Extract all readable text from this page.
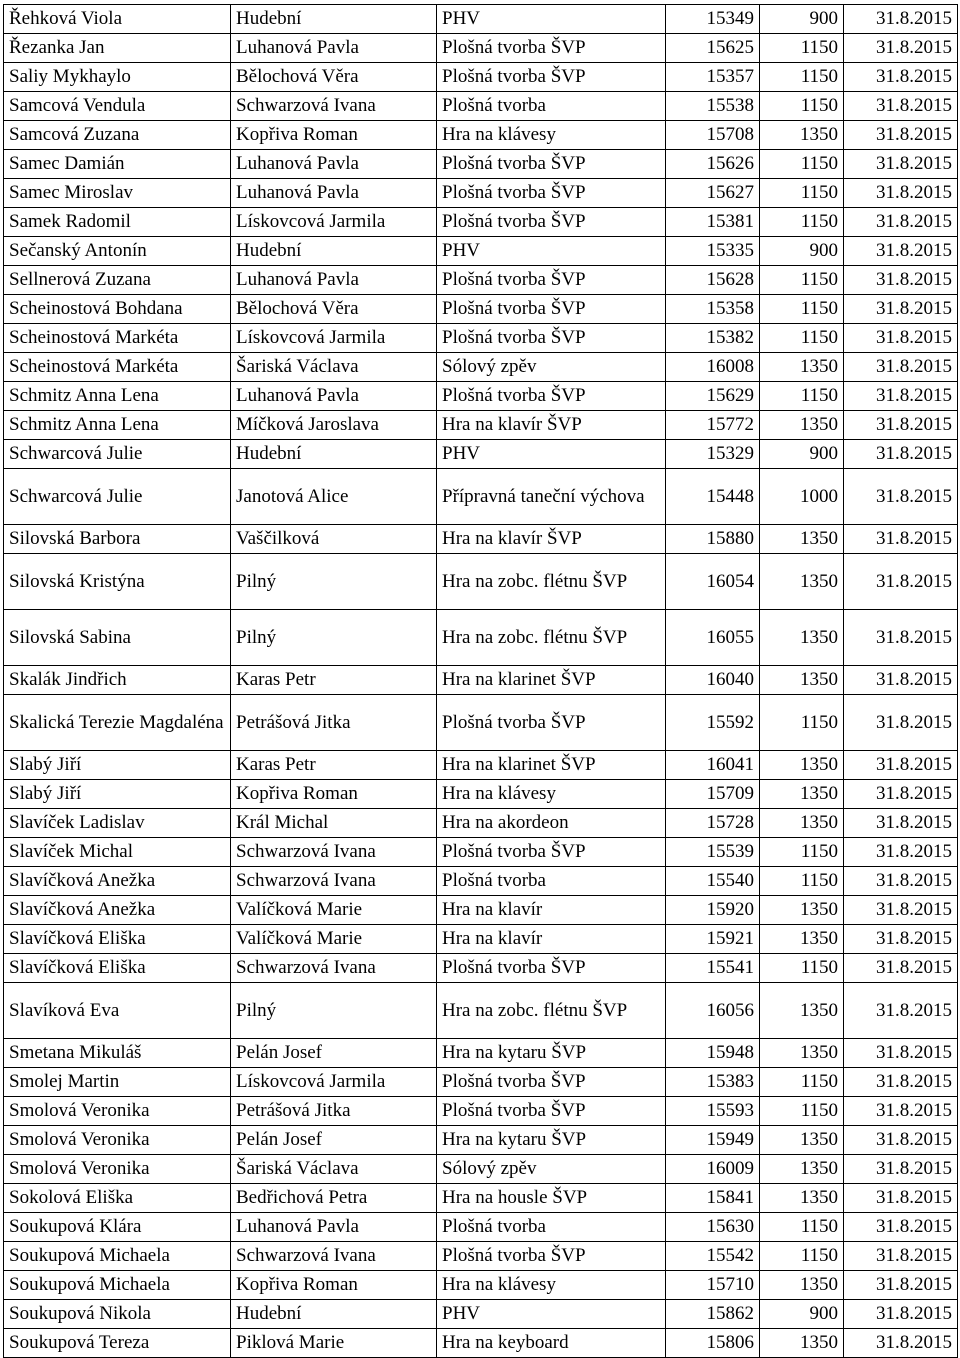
Řehková Viola	Hudební	PHV	15349	900	31.8.2015
Řezanka Jan	Luhanová Pavla	Plošná tvorba ŠVP	15625	1150	31.8.2015
Saliy Mykhaylo	Bělochová Věra	Plošná tvorba ŠVP	15357	1150	31.8.2015
Samcová Vendula	Schwarzová Ivana	Plošná tvorba	15538	1150	31.8.2015
Samcová Zuzana	Kopřiva Roman	Hra na klávesy	15708	1350	31.8.2015
Samec Damián	Luhanová Pavla	Plošná tvorba ŠVP	15626	1150	31.8.2015
Samec Miroslav	Luhanová Pavla	Plošná tvorba ŠVP	15627	1150	31.8.2015
Samek Radomil	Lískovcová Jarmila	Plošná tvorba ŠVP	15381	1150	31.8.2015
Sečanský Antonín	Hudební	PHV	15335	900	31.8.2015
Sellnerová Zuzana	Luhanová Pavla	Plošná tvorba ŠVP	15628	1150	31.8.2015
Scheinostová Bohdana	Bělochová Věra	Plošná tvorba ŠVP	15358	1150	31.8.2015
Scheinostová Markéta	Lískovcová Jarmila	Plošná tvorba ŠVP	15382	1150	31.8.2015
Scheinostová Markéta	Šariská Václava	Sólový zpěv	16008	1350	31.8.2015
Schmitz Anna Lena	Luhanová Pavla	Plošná tvorba ŠVP	15629	1150	31.8.2015
Schmitz Anna Lena	Míčková Jaroslava	Hra na klavír ŠVP	15772	1350	31.8.2015
Schwarcová Julie	Hudební	PHV	15329	900	31.8.2015
Schwarcová Julie	Janotová Alice	Přípravná taneční výchova	15448	1000	31.8.2015
Silovská Barbora	Vaščilková	Hra na klavír ŠVP	15880	1350	31.8.2015
Silovská Kristýna	Pilný	Hra na zobc. flétnu ŠVP	16054	1350	31.8.2015
Silovská Sabina	Pilný	Hra na zobc. flétnu ŠVP	16055	1350	31.8.2015
Skalák Jindřich	Karas Petr	Hra na klarinet ŠVP	16040	1350	31.8.2015
Skalická Terezie Magdaléna	Petrášová Jitka	Plošná tvorba ŠVP	15592	1150	31.8.2015
Slabý Jiří	Karas Petr	Hra na klarinet ŠVP	16041	1350	31.8.2015
Slabý Jiří	Kopřiva Roman	Hra na klávesy	15709	1350	31.8.2015
Slavíček Ladislav	Král Michal	Hra na akordeon	15728	1350	31.8.2015
Slavíček Michal	Schwarzová Ivana	Plošná tvorba ŠVP	15539	1150	31.8.2015
Slavíčková Anežka	Schwarzová Ivana	Plošná tvorba	15540	1150	31.8.2015
Slavíčková Anežka	Valíčková Marie	Hra na klavír	15920	1350	31.8.2015
Slavíčková Eliška	Valíčková Marie	Hra na klavír	15921	1350	31.8.2015
Slavíčková Eliška	Schwarzová Ivana	Plošná tvorba ŠVP	15541	1150	31.8.2015
Slavíková Eva	Pilný	Hra na zobc. flétnu ŠVP	16056	1350	31.8.2015
Smetana Mikuláš	Pelán Josef	Hra na kytaru ŠVP	15948	1350	31.8.2015
Smolej Martin	Lískovcová Jarmila	Plošná tvorba ŠVP	15383	1150	31.8.2015
Smolová Veronika	Petrášová Jitka	Plošná tvorba ŠVP	15593	1150	31.8.2015
Smolová Veronika	Pelán Josef	Hra na kytaru ŠVP	15949	1350	31.8.2015
Smolová Veronika	Šariská Václava	Sólový zpěv	16009	1350	31.8.2015
Sokolová Eliška	Bedřichová Petra	Hra na housle ŠVP	15841	1350	31.8.2015
Soukupová Klára	Luhanová Pavla	Plošná tvorba	15630	1150	31.8.2015
Soukupová Michaela	Schwarzová Ivana	Plošná tvorba ŠVP	15542	1150	31.8.2015
Soukupová Michaela	Kopřiva Roman	Hra na klávesy	15710	1350	31.8.2015
Soukupová Nikola	Hudební	PHV	15862	900	31.8.2015
Soukupová Tereza	Piklová Marie	Hra na keyboard	15806	1350	31.8.2015
